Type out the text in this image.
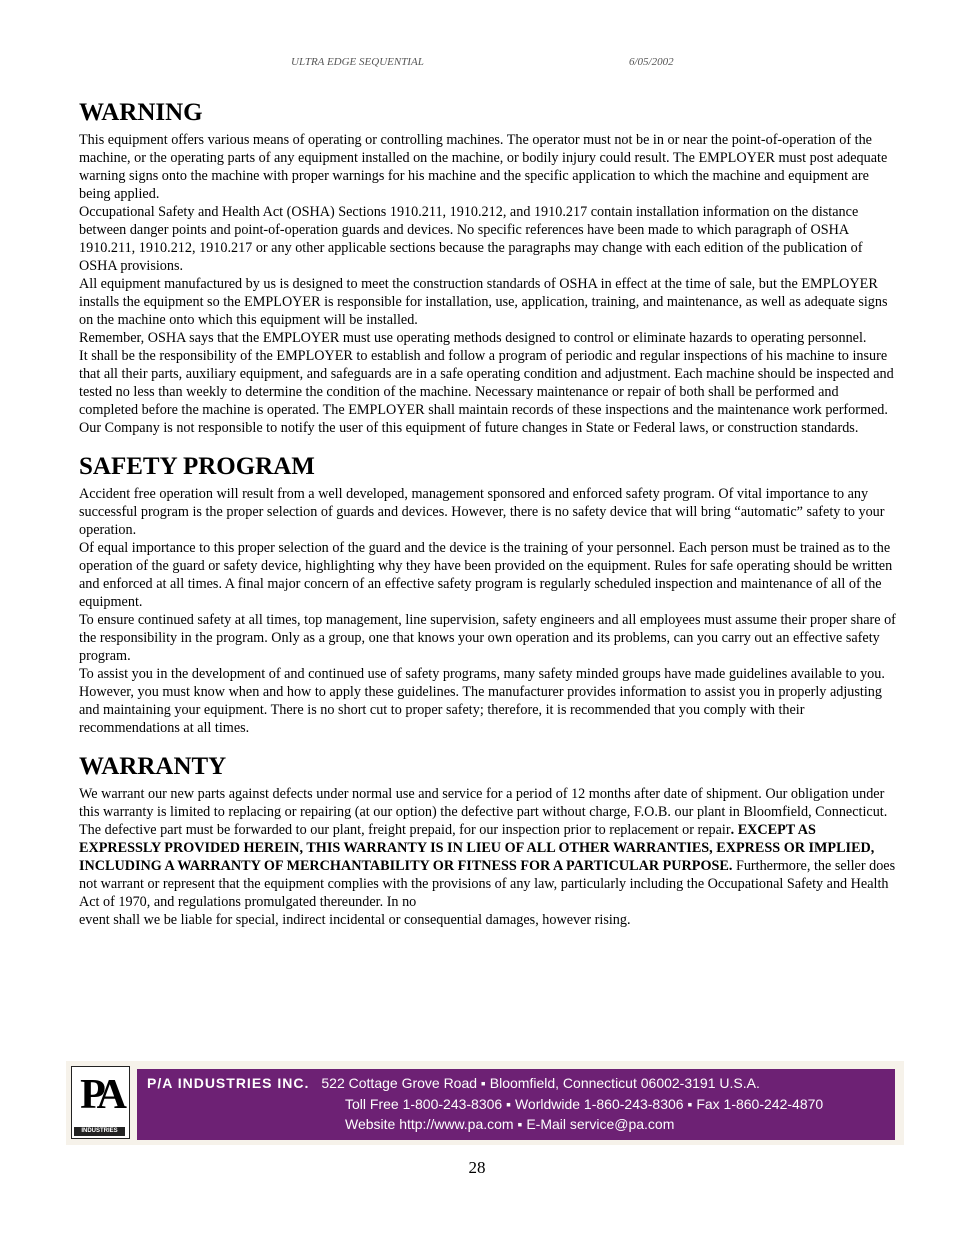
ULTRA EDGE SEQUENTIAL	6/05/2002
WARNING

This equipment offers various means of operating or controlling machines. The operator must not be in or near the point-of-operation of the machine, or the operating parts of any equipment installed on the machine, or bodily injury could result. The EMPLOYER must post adequate warning signs onto the machine with proper warnings for his machine and the specific application to which the machine and equipment are being applied.

Occupational Safety and Health Act (OSHA) Sections 1910.211, 1910.212, and 1910.217 contain installation information on the distance between danger points and point-of-operation guards and devices. No specific references have been made to which paragraph of OSHA 1910.211, 1910.212, 1910.217 or any other applicable sections because the paragraphs may change with each edition of the publication of OSHA provisions.

All equipment manufactured by us is designed to meet the construction standards of OSHA in effect at the time of sale, but the EMPLOYER installs the equipment so the EMPLOYER is responsible for installation, use, application, training, and maintenance, as well as adequate signs on the machine onto which this equipment will be installed.

Remember, OSHA says that the EMPLOYER must use operating methods designed to control or eliminate hazards to operating personnel.

It shall be the responsibility of the EMPLOYER to establish and follow a program of periodic and regular inspections of his machine to insure that all their parts, auxiliary equipment, and safeguards are in a safe operating condition and adjustment. Each machine should be inspected and tested no less than weekly to determine the condition of the machine. Necessary maintenance or repair of both shall be performed and completed before the machine is operated. The EMPLOYER shall maintain records of these inspections and the maintenance work performed.

Our Company is not responsible to notify the user of this equipment of future changes in State or Federal laws, or construction standards.

SAFETY PROGRAM

Accident free operation will result from a well developed, management sponsored and enforced safety program. Of vital importance to any successful program is the proper selection of guards and devices. However, there is no safety device that will bring “automatic” safety to your operation.

Of equal importance to this proper selection of the guard and the device is the training of your personnel. Each person must be trained as to the operation of the guard or safety device, highlighting why they have been provided on the equipment. Rules for safe operating should be written and enforced at all times. A final major concern of an effective safety program is regularly scheduled inspection and maintenance of all of the equipment.

To ensure continued safety at all times, top management, line supervision, safety engineers and all employees must assume their proper share of the responsibility in the program. Only as a group, one that knows your own operation and its problems, can you carry out an effective safety program.

To assist you in the development of and continued use of safety programs, many safety minded groups have made guidelines available to you. However, you must know when and how to apply these guidelines. The manufacturer provides information to assist you in properly adjusting and maintaining your equipment. There is no short cut to proper safety; therefore, it is recommended that you comply with their recommendations at all times.

WARRANTY

We warrant our new parts against defects under normal use and service for a period of 12 months after date of shipment. Our obligation under this warranty is limited to replacing or repairing (at our option) the defective part without charge, F.O.B. our plant in Bloomfield, Connecticut. The defective part must be forwarded to our plant, freight prepaid, for our inspection prior to replacement or repair. EXCEPT AS EXPRESSLY PROVIDED HEREIN, THIS WARRANTY IS IN LIEU OF ALL OTHER WARRANTIES, EXPRESS OR IMPLIED, INCLUDING A WARRANTY OF MERCHANTABILITY OR FITNESS FOR A PARTICULAR PURPOSE. Furthermore, the seller does not warrant or represent that the equipment complies with the provisions of any law, particularly including the Occupational Safety and Health Act of 1970, and regulations promulgated thereunder. In no

event shall we be liable for special, indirect incidental or consequential damages, however rising.

PA
INDUSTRIES
P/A INDUSTRIES INC. 522 Cottage Grove Road ▪ Bloomfield, Connecticut 06002-3191 U.S.A.
Toll Free 1-800-243-8306 ▪ Worldwide 1-860-243-8306 ▪ Fax 1-860-242-4870
Website http://www.pa.com ▪ E-Mail service@pa.com
28
